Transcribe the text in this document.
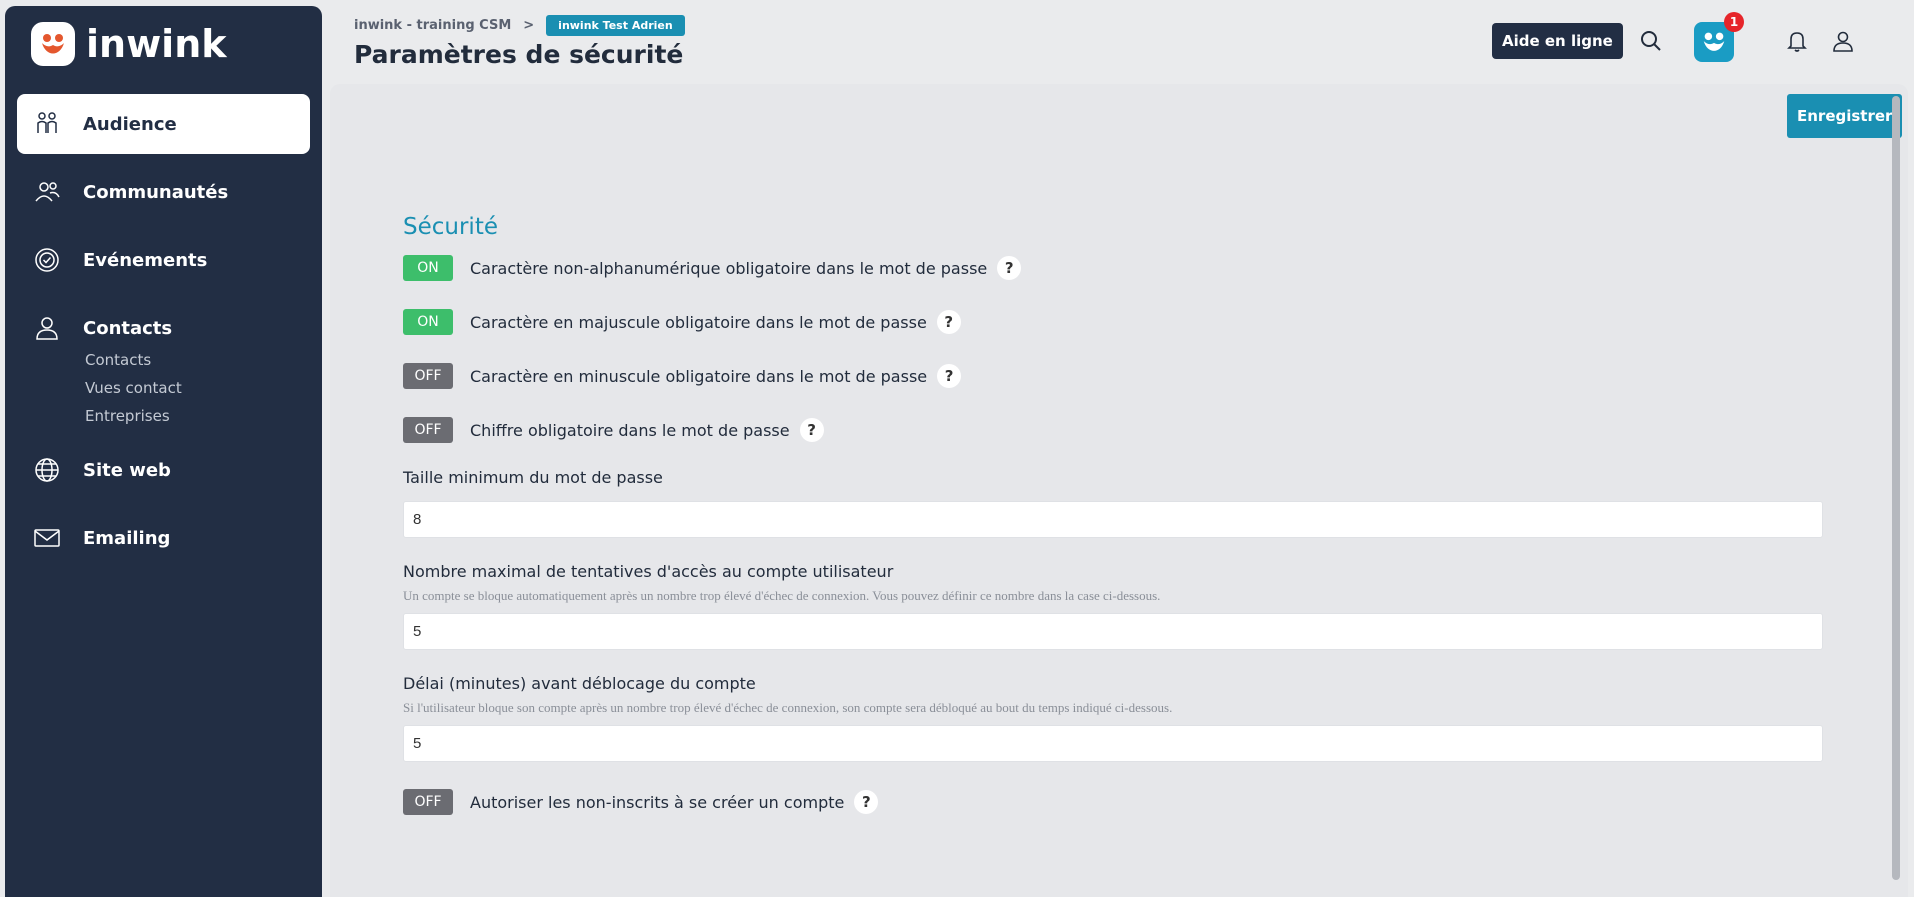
inwink
Audience
Communautés
Evénements
Contacts
Contacts
Vues contact
Entreprises
Site web
Emailing
inwink - training CSM >	inwink Test Adrien
Paramètres de sécurité	Aide en ligne
1
Enregistrer
Sécurité
ON	Caractère non-alphanumérique obligatoire dans le mot de passe	?
ON	Caractère en majuscule obligatoire dans le mot de passe	?
OFF	Caractère en minuscule obligatoire dans le mot de passe	?
OFF	Chiffre obligatoire dans le mot de passe	?
Taille minimum du mot de passe
8
Nombre maximal de tentatives d'accès au compte utilisateur
Un compte se bloque automatiquement après un nombre trop élevé d'échec de connexion. Vous pouvez définir ce nombre dans la case ci-dessous.
5
Délai (minutes) avant déblocage du compte
Si l'utilisateur bloque son compte après un nombre trop élevé d'échec de connexion, son compte sera débloqué au bout du temps indiqué ci-dessous.
5
OFF	Autoriser les non-inscrits à se créer un compte	?
